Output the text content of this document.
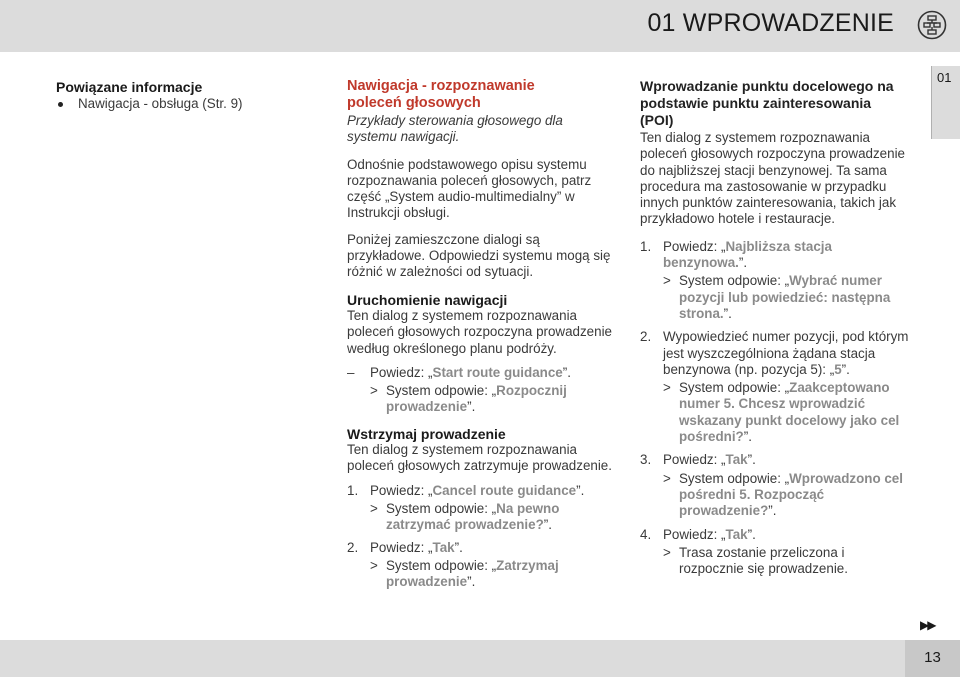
01 WPROWADZENIE

Powiązane informacje

Nawigacja - obsługa (Str. 9)

Nawigacja - rozpoznawanie poleceń głosowych

Przykłady sterowania głosowego dla systemu nawigacji.

Odnośnie podstawowego opisu systemu rozpoznawania poleceń głosowych, patrz część „System audio-multimedialny” w Instrukcji obsługi.

Poniżej zamieszczone dialogi są przykładowe. Odpowiedzi systemu mogą się różnić w zależności od sytuacji.

Uruchomienie nawigacji

Ten dialog z systemem rozpoznawania poleceń głosowych rozpoczyna prowadzenie według określonego planu podróży.

– Powiedz: „Start route guidance”.
> System odpowie: „Rozpocznij prowadzenie”.

Wstrzymaj prowadzenie

Ten dialog z systemem rozpoznawania poleceń głosowych zatrzymuje prowadzenie.

1. Powiedz: „Cancel route guidance”.
> System odpowie: „Na pewno zatrzymać prowadzenie?”.
2. Powiedz: „Tak”.
> System odpowie: „Zatrzymaj prowadzenie”.

Wprowadzanie punktu docelowego na podstawie punktu zainteresowania (POI)

Ten dialog z systemem rozpoznawania poleceń głosowych rozpoczyna prowadzenie do najbliższej stacji benzynowej. Ta sama procedura ma zastosowanie w przypadku innych punktów zainteresowania, takich jak przykładowo hotele i restauracje.

1. Powiedz: „Najbliższa stacja benzynowa.”.
> System odpowie: „Wybrać numer pozycji lub powiedzieć: następna strona.”.
2. Wypowiedzieć numer pozycji, pod którym jest wyszczególniona żądana stacja benzynowa (np. pozycja 5): „5”.
> System odpowie: „Zaakceptowano numer 5. Chcesz wprowadzić wskazany punkt docelowy jako cel pośredni?”.
3. Powiedz: „Tak”.
> System odpowie: „Wprowadzono cel pośredni 5. Rozpocząć prowadzenie?”.
4. Powiedz: „Tak”.
> Trasa zostanie przeliczona i rozpocznie się prowadzenie.
01
▶▶
13
